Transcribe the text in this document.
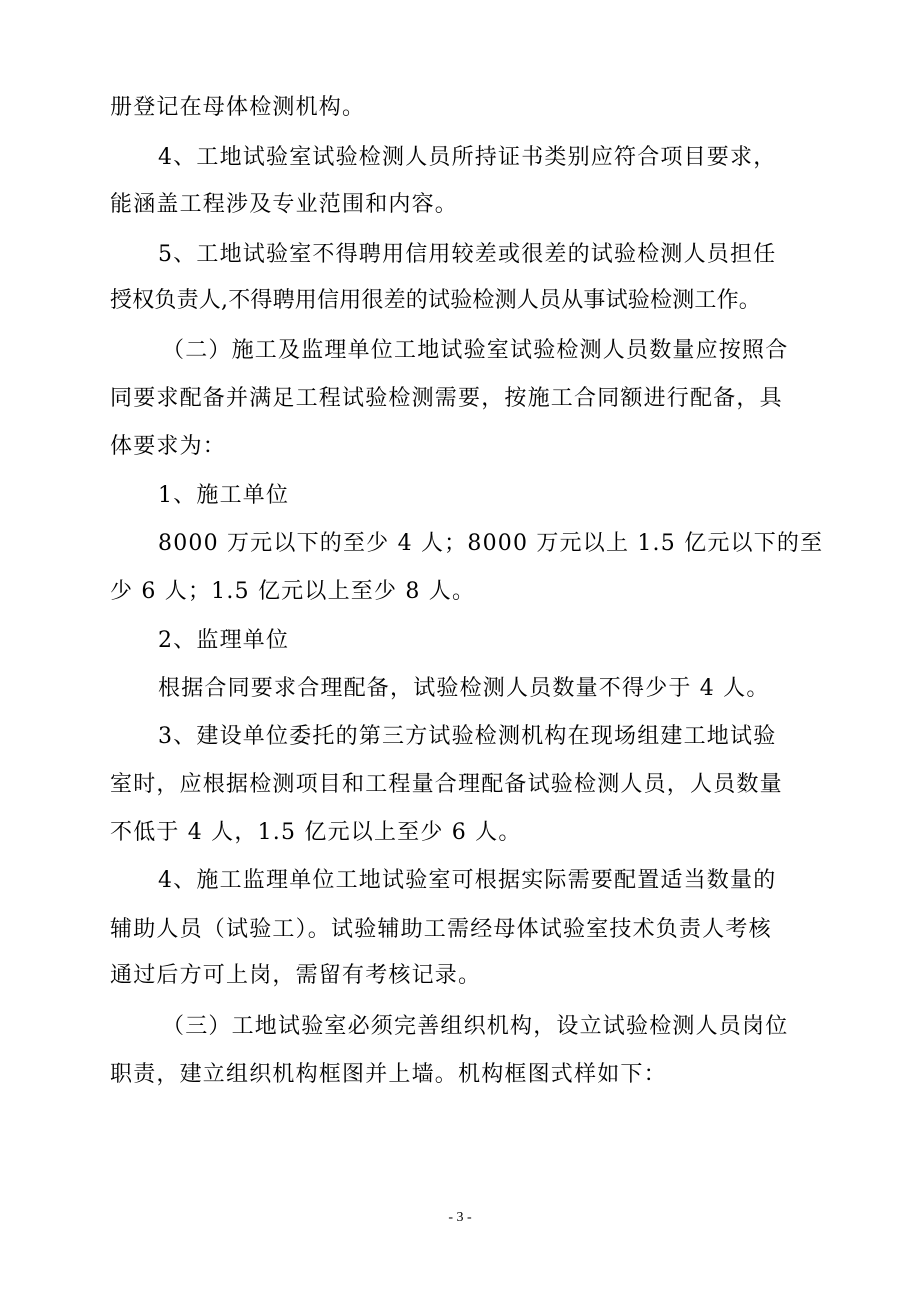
册登记在母体检测机构。
4、工地试验室试验检测人员所持证书类别应符合项目要求，
能涵盖工程涉及专业范围和内容。
5、工地试验室不得聘用信用较差或很差的试验检测人员担任
授权负责人,不得聘用信用很差的试验检测人员从事试验检测工作。
（二）施工及监理单位工地试验室试验检测人员数量应按照合
同要求配备并满足工程试验检测需要，按施工合同额进行配备，具
体要求为：
1、施工单位
8000 万元以下的至少 4 人；8000 万元以上 1.5 亿元以下的至
少 6 人；1.5 亿元以上至少 8 人。
2、监理单位
根据合同要求合理配备，试验检测人员数量不得少于 4 人。
3、建设单位委托的第三方试验检测机构在现场组建工地试验
室时，应根据检测项目和工程量合理配备试验检测人员，人员数量
不低于 4 人，1.5 亿元以上至少 6 人。
4、施工监理单位工地试验室可根据实际需要配置适当数量的
辅助人员（试验工）。试验辅助工需经母体试验室技术负责人考核
通过后方可上岗，需留有考核记录。
（三）工地试验室必须完善组织机构，设立试验检测人员岗位
职责，建立组织机构框图并上墙。机构框图式样如下：
- 3 -
